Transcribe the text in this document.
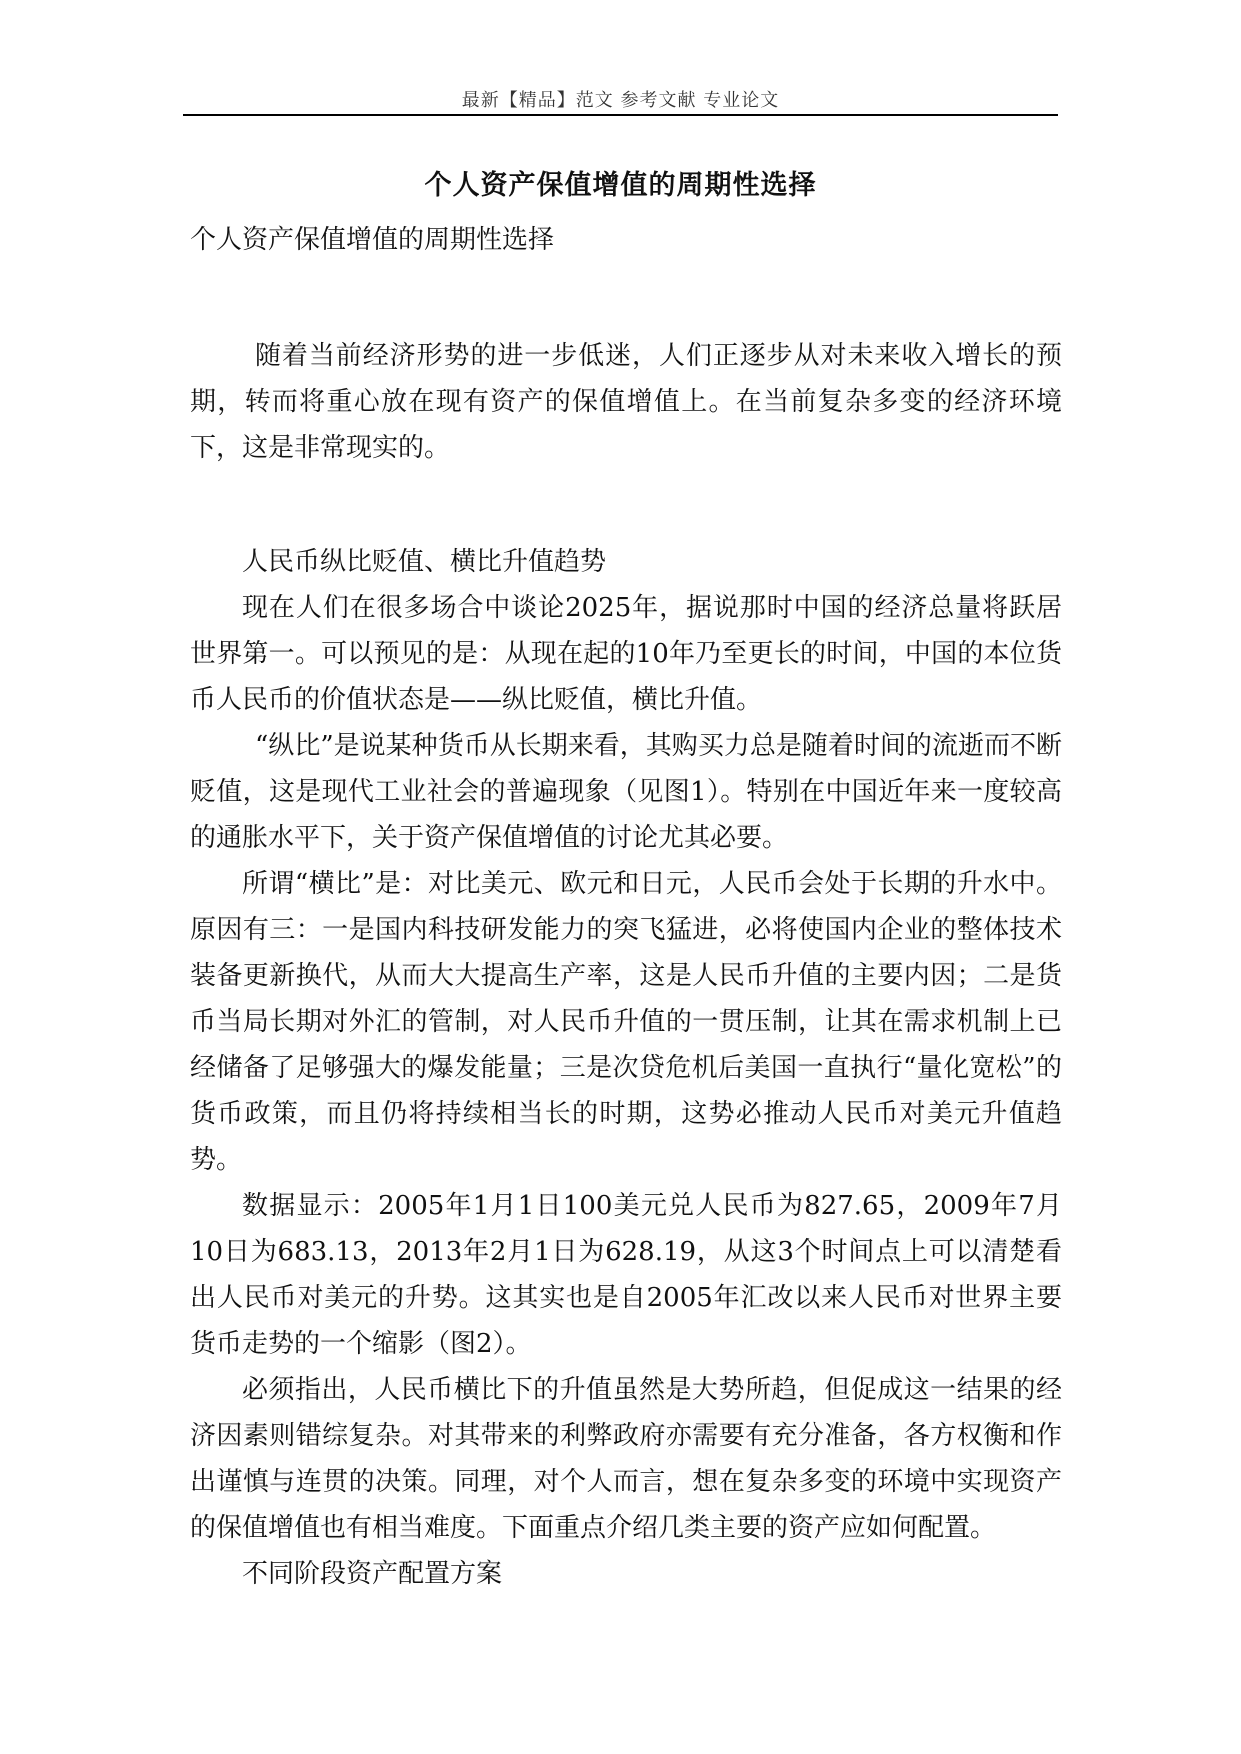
最新【精品】范文 参考文献 专业论文
个人资产保值增值的周期性选择

个人资产保值增值的周期性选择

随着当前经济形势的进一步低迷，人们正逐步从对未来收入增长的预期，转而将重心放在现有资产的保值增值上。在当前复杂多变的经济环境下，这是非常现实的。

人民币纵比贬值、横比升值趋势

现在人们在很多场合中谈论2025年，据说那时中国的经济总量将跃居世界第一。可以预见的是：从现在起的10年乃至更长的时间，中国的本位货币人民币的价值状态是——纵比贬值，横比升值。

“纵比”是说某种货币从长期来看，其购买力总是随着时间的流逝而不断贬值，这是现代工业社会的普遍现象（见图1）。特别在中国近年来一度较高的通胀水平下，关于资产保值增值的讨论尤其必要。

所谓“横比”是：对比美元、欧元和日元，人民币会处于长期的升水中。原因有三：一是国内科技研发能力的突飞猛进，必将使国内企业的整体技术装备更新换代，从而大大提高生产率，这是人民币升值的主要内因；二是货币当局长期对外汇的管制，对人民币升值的一贯压制，让其在需求机制上已经储备了足够强大的爆发能量；三是次贷危机后美国一直执行“量化宽松”的货币政策，而且仍将持续相当长的时期，这势必推动人民币对美元升值趋势。

数据显示：2005年1月1日100美元兑人民币为827.65，2009年7月10日为683.13，2013年2月1日为628.19，从这3个时间点上可以清楚看出人民币对美元的升势。这其实也是自2005年汇改以来人民币对世界主要货币走势的一个缩影（图2）。

必须指出，人民币横比下的升值虽然是大势所趋，但促成这一结果的经济因素则错综复杂。对其带来的利弊政府亦需要有充分准备，各方权衡和作出谨慎与连贯的决策。同理，对个人而言，想在复杂多变的环境中实现资产的保值增值也有相当难度。下面重点介绍几类主要的资产应如何配置。

不同阶段资产配置方案
